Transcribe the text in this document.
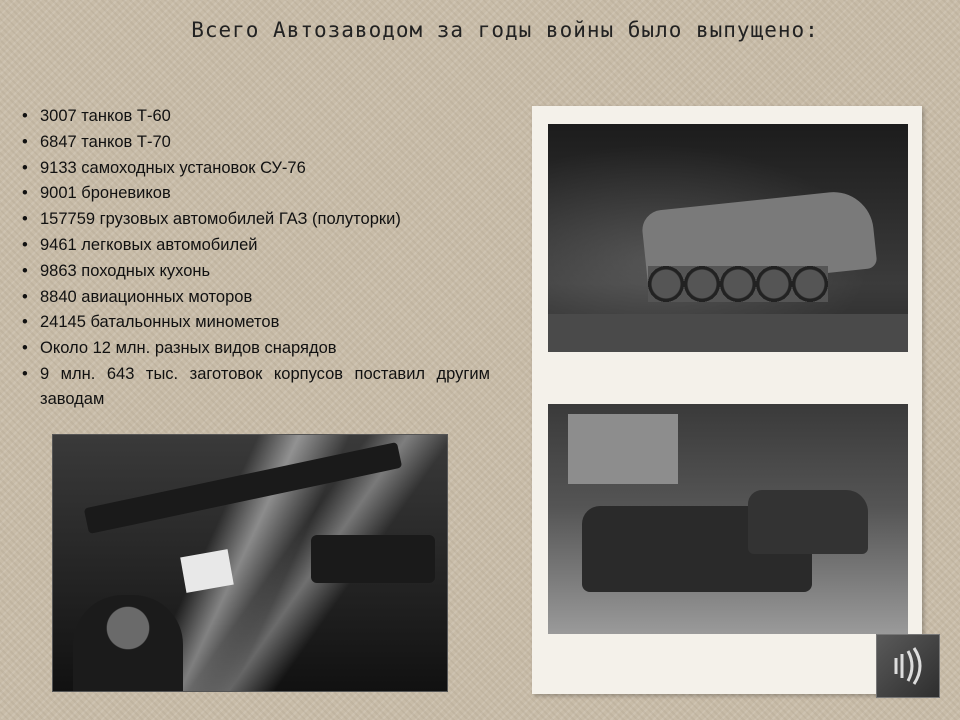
Всего Автозаводом за годы войны было выпущено:
• 3007 танков Т-60
• 6847 танков Т-70
• 9133 самоходных установок СУ-76
• 9001 броневиков
• 157759 грузовых автомобилей ГАЗ (полуторки)
• 9461 легковых автомобилей
• 9863 походных кухонь
• 8840 авиационных моторов
• 24145 батальонных минометов
• Около 12 млн. разных видов снарядов
• 9 млн. 643 тыс. заготовок корпусов поставил другим заводам
